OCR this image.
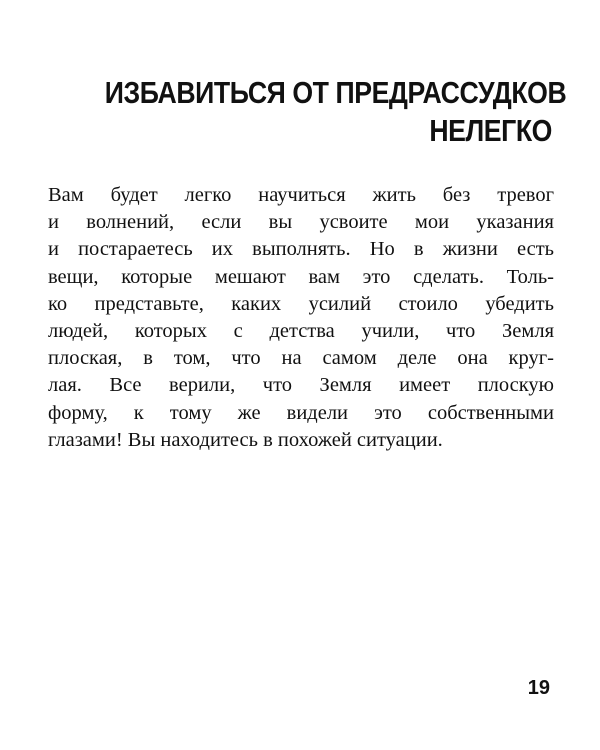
ИЗБАВИТЬСЯ ОТ ПРЕДРАССУДКОВ
НЕЛЕГКО
Вам будет легко научиться жить без тревог
и волнений, если вы усвоите мои указания
и постараетесь их выполнять. Но в жизни есть
вещи, которые мешают вам это сделать. Толь-
ко представьте, каких усилий стоило убедить
людей, которых с детства учили, что Земля
плоская, в том, что на самом деле она круг-
лая. Все верили, что Земля имеет плоскую
форму, к тому же видели это собственными
глазами! Вы находитесь в похожей ситуации.
19
